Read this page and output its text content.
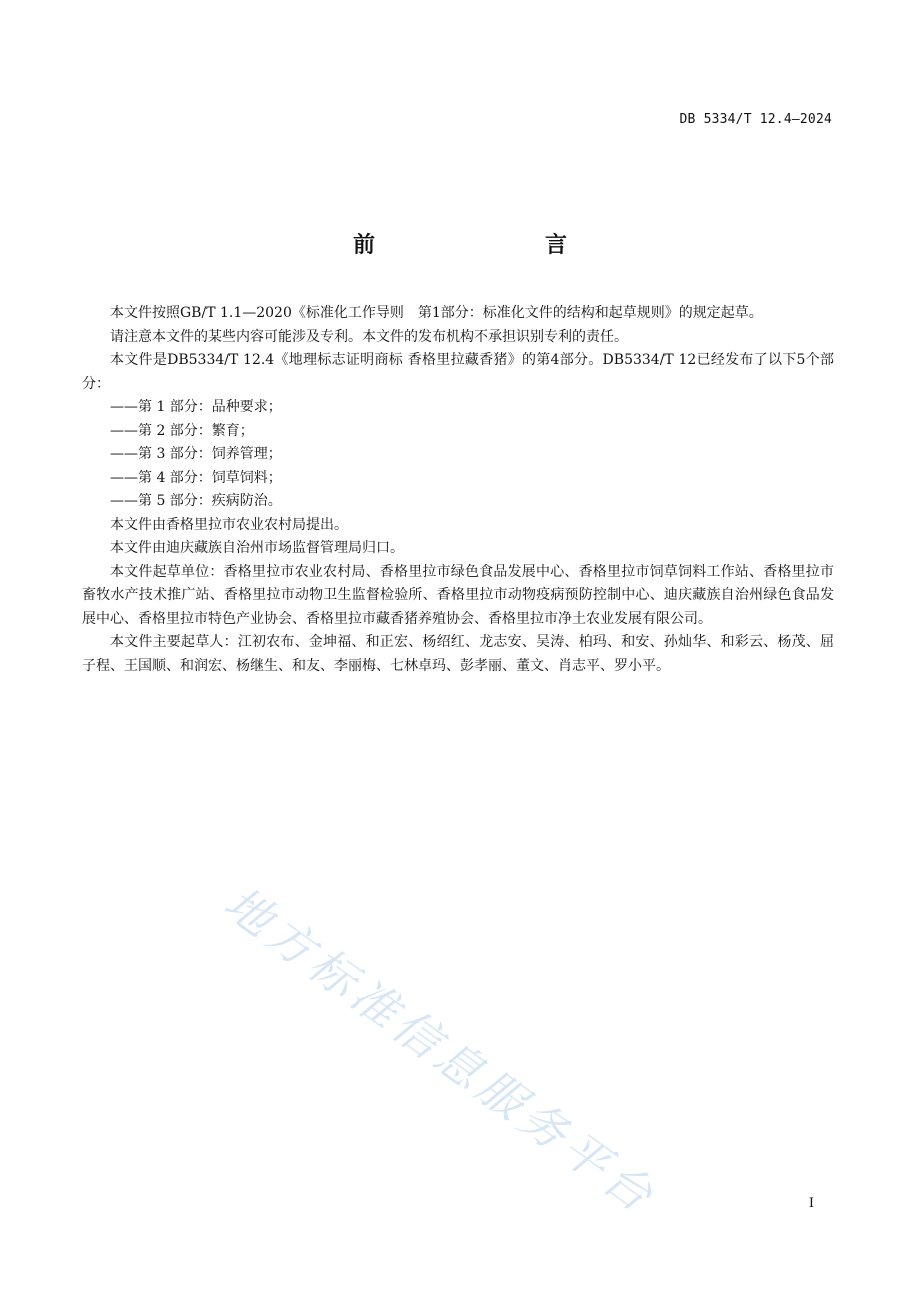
DB 5334/T 12.4—2024
前　　言

本文件按照GB/T 1.1—2020《标准化工作导则　第1部分：标准化文件的结构和起草规则》的规定起草。

请注意本文件的某些内容可能涉及专利。本文件的发布机构不承担识别专利的责任。

本文件是DB5334/T 12.4《地理标志证明商标 香格里拉藏香猪》的第4部分。DB5334/T 12已经发布了以下5个部分：

——第 1 部分：品种要求；

——第 2 部分：繁育；

——第 3 部分：饲养管理；

——第 4 部分：饲草饲料；

——第 5 部分：疾病防治。

本文件由香格里拉市农业农村局提出。

本文件由迪庆藏族自治州市场监督管理局归口。

本文件起草单位：香格里拉市农业农村局、香格里拉市绿色食品发展中心、香格里拉市饲草饲料工作站、香格里拉市畜牧水产技术推广站、香格里拉市动物卫生监督检验所、香格里拉市动物疫病预防控制中心、迪庆藏族自治州绿色食品发展中心、香格里拉市特色产业协会、香格里拉市藏香猪养殖协会、香格里拉市净土农业发展有限公司。

本文件主要起草人：江初农布、金坤福、和正宏、杨绍红、龙志安、吴涛、柏玛、和安、孙灿华、和彩云、杨茂、屈子程、王国顺、和润宏、杨继生、和友、李丽梅、七林卓玛、彭孝丽、董文、肖志平、罗小平。

地方标准信息服务平台	I
